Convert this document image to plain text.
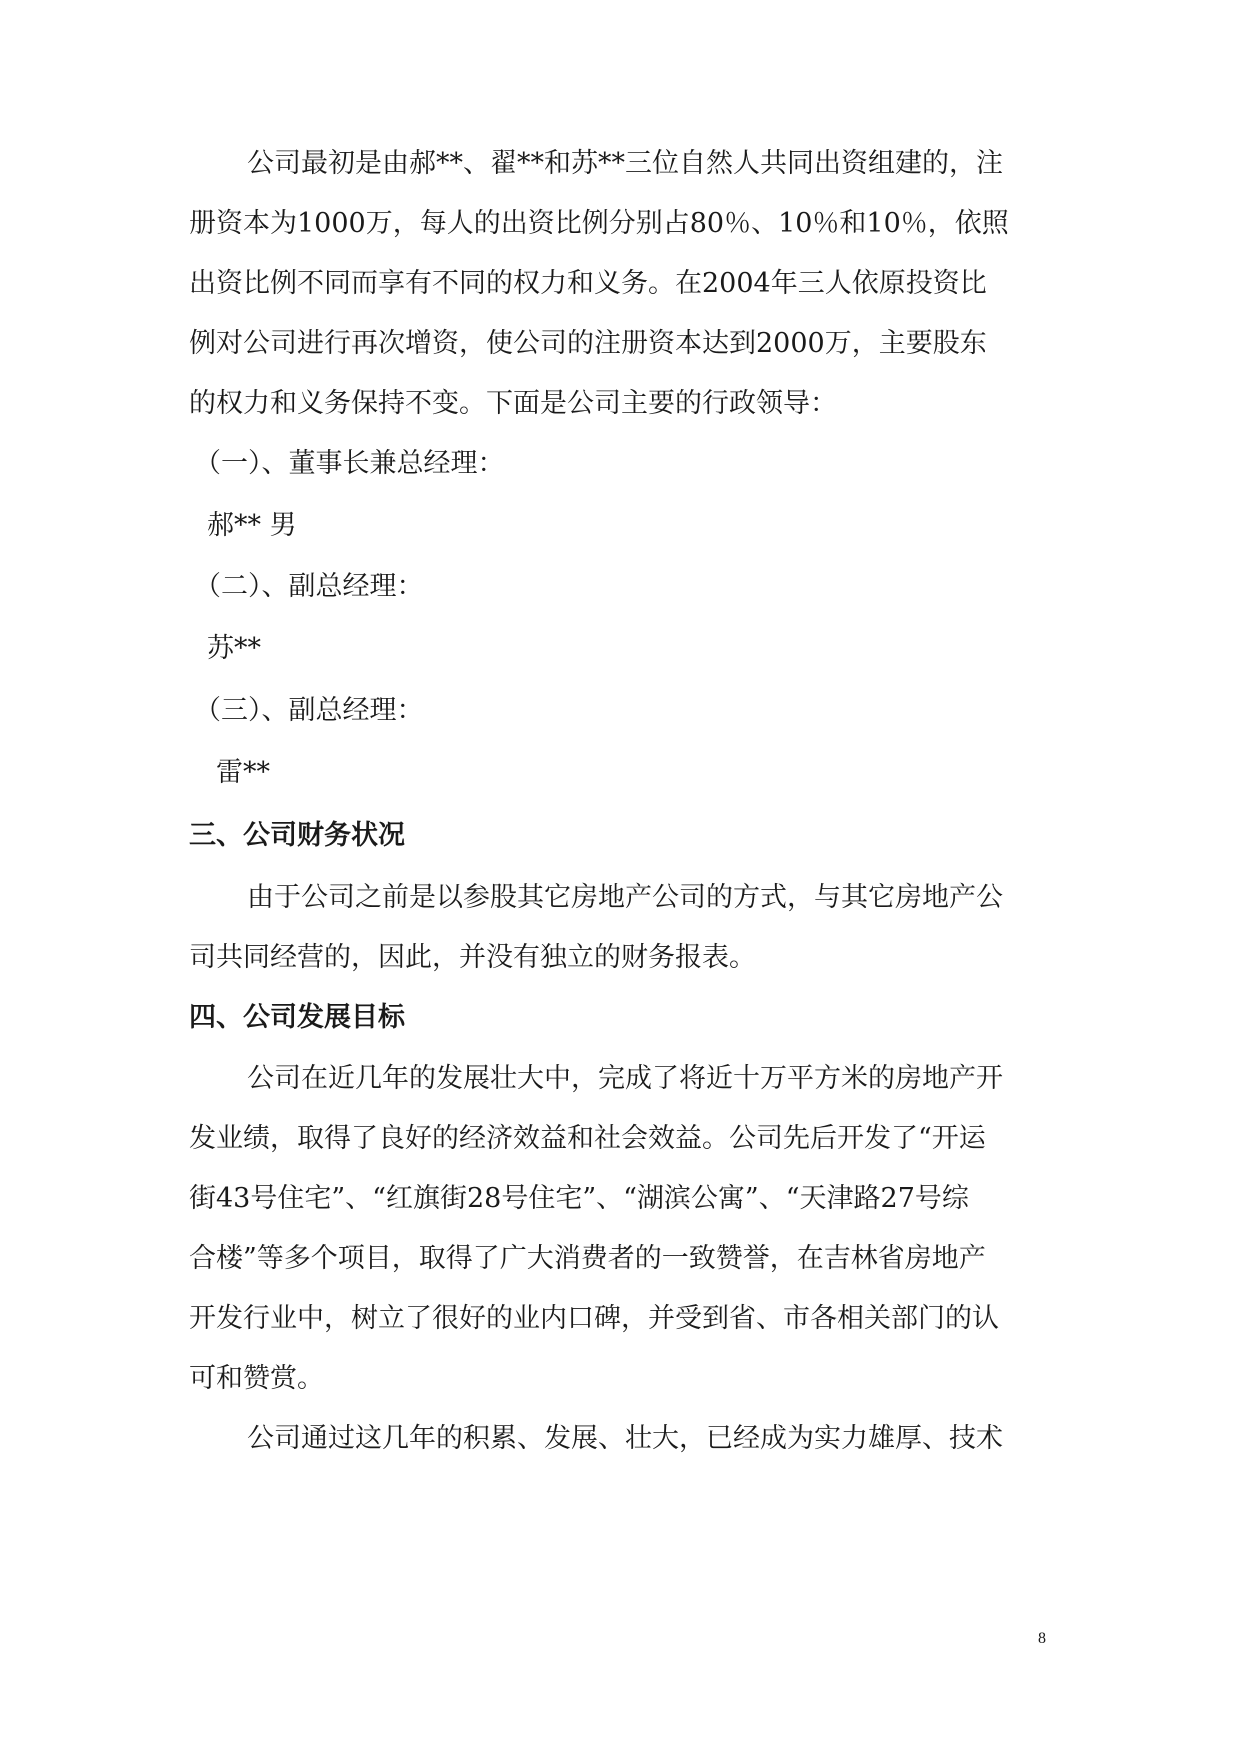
公司最初是由郝**、翟**和苏**三位自然人共同出资组建的，注
册资本为1000万，每人的出资比例分别占80％、10％和10％，依照
出资比例不同而享有不同的权力和义务。在2004年三人依原投资比
例对公司进行再次增资，使公司的注册资本达到2000万，主要股东
的权力和义务保持不变。下面是公司主要的行政领导：
（一）、董事长兼总经理：
郝** 男
（二）、副总经理：
苏**
（三）、副总经理：
雷**
三、公司财务状况
由于公司之前是以参股其它房地产公司的方式，与其它房地产公
司共同经营的，因此，并没有独立的财务报表。
四、公司发展目标
公司在近几年的发展壮大中，完成了将近十万平方米的房地产开
发业绩，取得了良好的经济效益和社会效益。公司先后开发了“开运
街43号住宅”、“红旗街28号住宅”、“湖滨公寓”、“天津路27号综
合楼”等多个项目，取得了广大消费者的一致赞誉，在吉林省房地产
开发行业中，树立了很好的业内口碑，并受到省、市各相关部门的认
可和赞赏。
公司通过这几年的积累、发展、壮大，已经成为实力雄厚、技术
8
